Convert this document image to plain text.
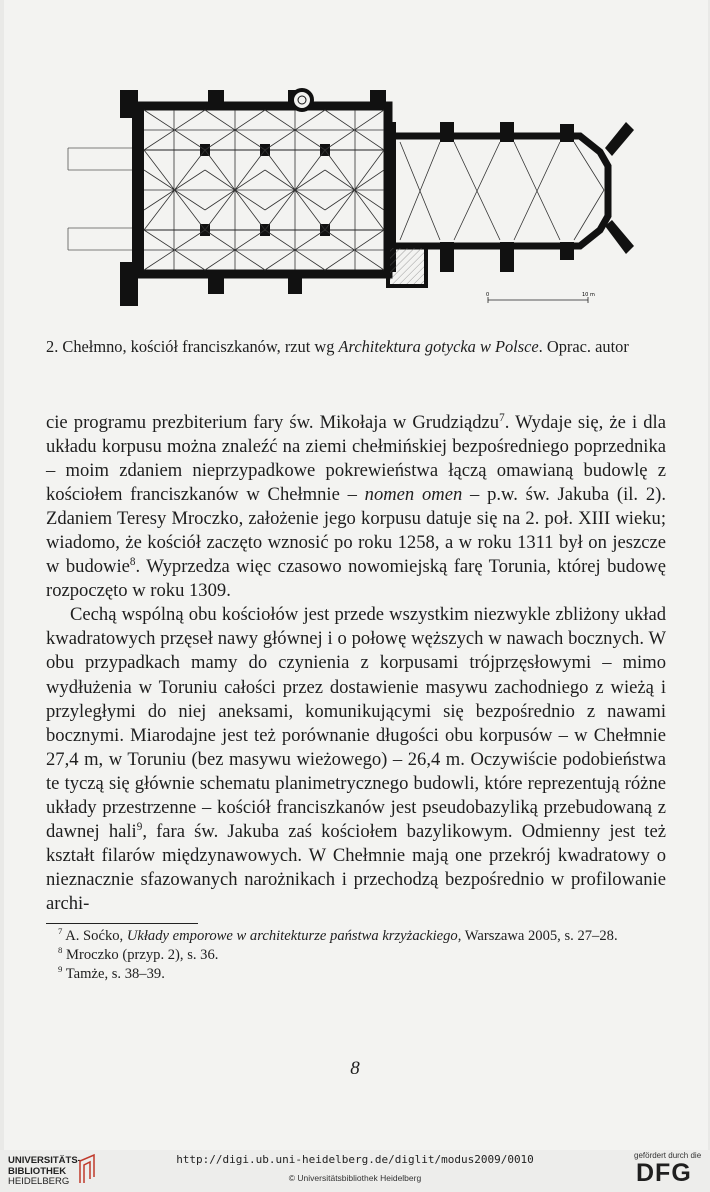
0	10 m
2. Chełmno, kościół franciszkanów, rzut wg Architektura gotycka w Polsce. Oprac. autor

cie programu prezbiterium fary św. Mikołaja w Grudziądzu$^7$. Wydaje się, że i dla układu korpusu można znaleźć na ziemi chełmińskiej bezpośredniego poprzednika – moim zdaniem nieprzypadkowe pokrewieństwa łączą omawianą budowlę z kościołem franciszkanów w Chełmnie – nomen omen – p.w. św. Jakuba (il. 2). Zdaniem Teresy Mroczko, założenie jego korpusu datuje się na 2. poł. XIII wieku; wiadomo, że kościół zaczęto wznosić po roku 1258, a w roku 1311 był on jeszcze w budowie$^8$. Wyprzedza więc czasowo nowomiejską farę Torunia, której budowę rozpoczęto w roku 1309.

Cechą wspólną obu kościołów jest przede wszystkim niezwykle zbliżony układ kwadratowych przęseł nawy głównej i o połowę węższych w nawach bocznych. W obu przypadkach mamy do czynienia z korpusami trójprzęsłowymi – mimo wydłużenia w Toruniu całości przez dostawienie masywu zachodniego z wieżą i przyległymi do niej aneksami, komunikującymi się bezpośrednio z nawami bocznymi. Miarodajne jest też porównanie długości obu korpusów – w Chełmnie 27,4 m, w Toruniu (bez masywu wieżowego) – 26,4 m. Oczywiście podobieństwa te tyczą się głównie schematu planimetrycznego budowli, które reprezentują różne układy przestrzenne – kościół franciszkanów jest pseudobazyliką przebudowaną z dawnej hali$^9$, fara św. Jakuba zaś kościołem bazylikowym. Odmienny jest też kształt filarów międzynawowych. W Chełmnie mają one przekrój kwadratowy o nieznacznie sfazowanych narożnikach i przechodzą bezpośrednio w profilowanie archi-

$^7$ A. Soćko, Układy emporowe w architekturze państwa krzyżackiego, Warszawa 2005, s. 27–28.

$^8$ Mroczko (przyp. 2), s. 36.

$^9$ Tamże, s. 38–39.

8
UNIVERSITÄTS-
BIBLIOTHEK
HEIDELBERG
http://digi.ub.uni-heidelberg.de/diglit/modus2009/0010
© Universitätsbibliothek Heidelberg
gefördert durch die
DFG
